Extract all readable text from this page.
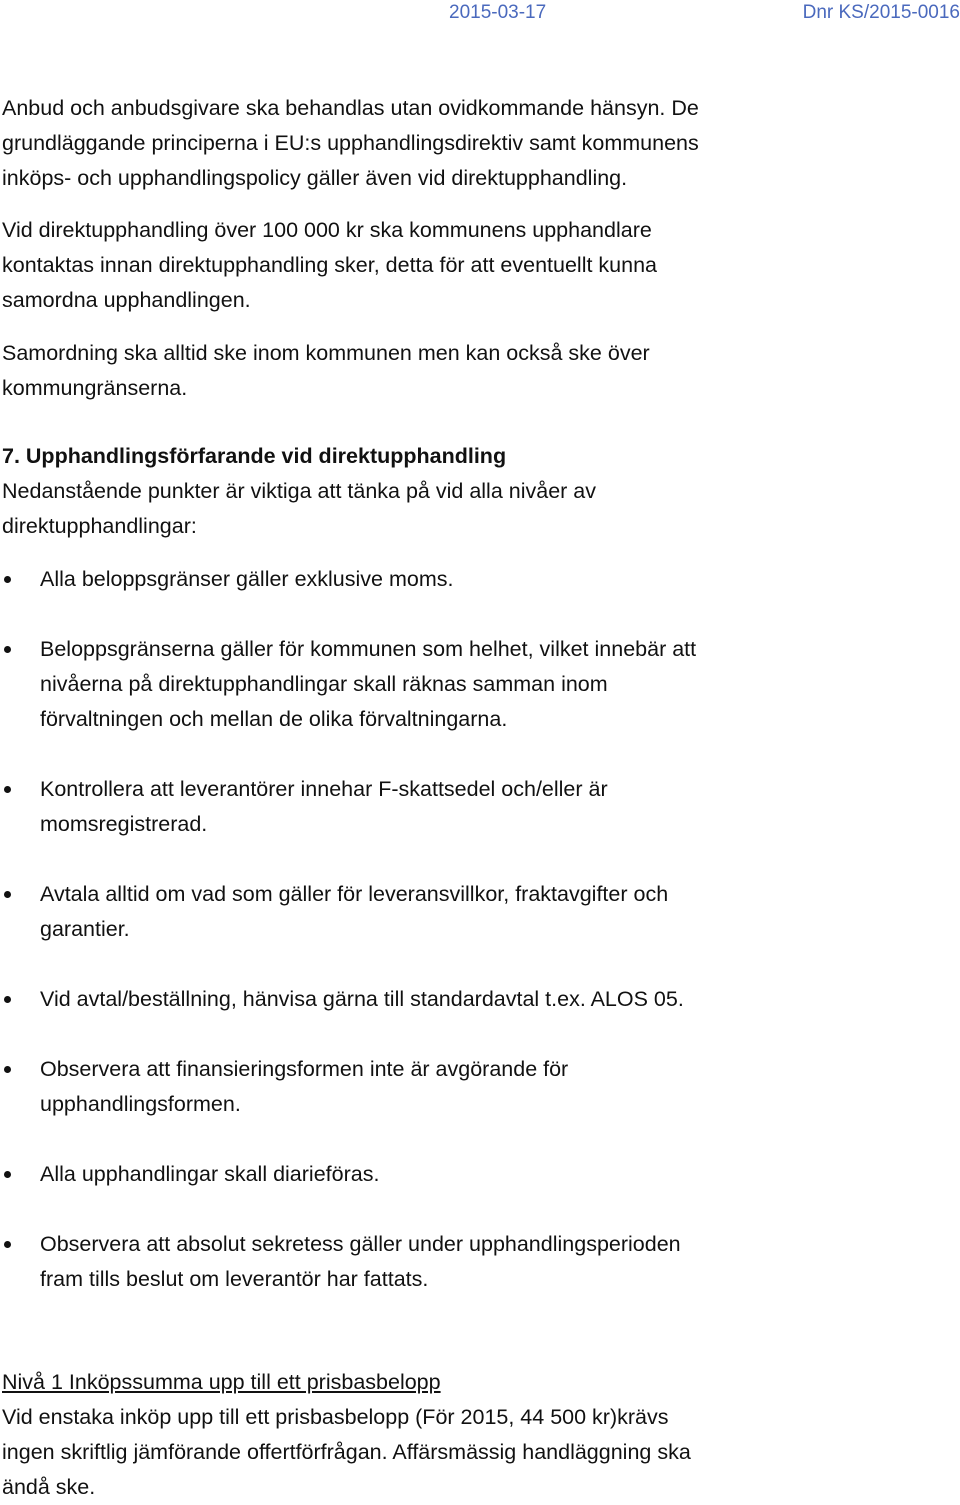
2015-03-17	Dnr KS/2015-0016
Anbud och anbudsgivare ska behandlas utan ovidkommande hänsyn. De
grundläggande principerna i EU:s upphandlingsdirektiv samt kommunens
inköps- och upphandlingspolicy gäller även vid direktupphandling.
Vid direktupphandling över 100 000 kr ska kommunens upphandlare
kontaktas innan direktupphandling sker, detta för att eventuellt kunna
samordna upphandlingen.
Samordning ska alltid ske inom kommunen men kan också ske över
kommungränserna.
7. Upphandlingsförfarande vid direktupphandling
Nedanstående punkter är viktiga att tänka på vid alla nivåer av
direktupphandlingar:
Alla beloppsgränser gäller exklusive moms.
Beloppsgränserna gäller för kommunen som helhet, vilket innebär att
nivåerna på direktupphandlingar skall räknas samman inom
förvaltningen och mellan de olika förvaltningarna.
Kontrollera att leverantörer innehar F-skattsedel och/eller är
momsregistrerad.
Avtala alltid om vad som gäller för leveransvillkor, fraktavgifter och
garantier.
Vid avtal/beställning, hänvisa gärna till standardavtal t.ex. ALOS 05.
Observera att finansieringsformen inte är avgörande för
upphandlingsformen.
Alla upphandlingar skall diarieföras.
Observera att absolut sekretess gäller under upphandlingsperioden
fram tills beslut om leverantör har fattats.
Nivå 1 Inköpssumma upp till ett prisbasbelopp
Vid enstaka inköp upp till ett prisbasbelopp (För 2015, 44 500 kr)krävs
ingen skriftlig jämförande offertförfrågan. Affärsmässig handläggning ska
ändå ske.
